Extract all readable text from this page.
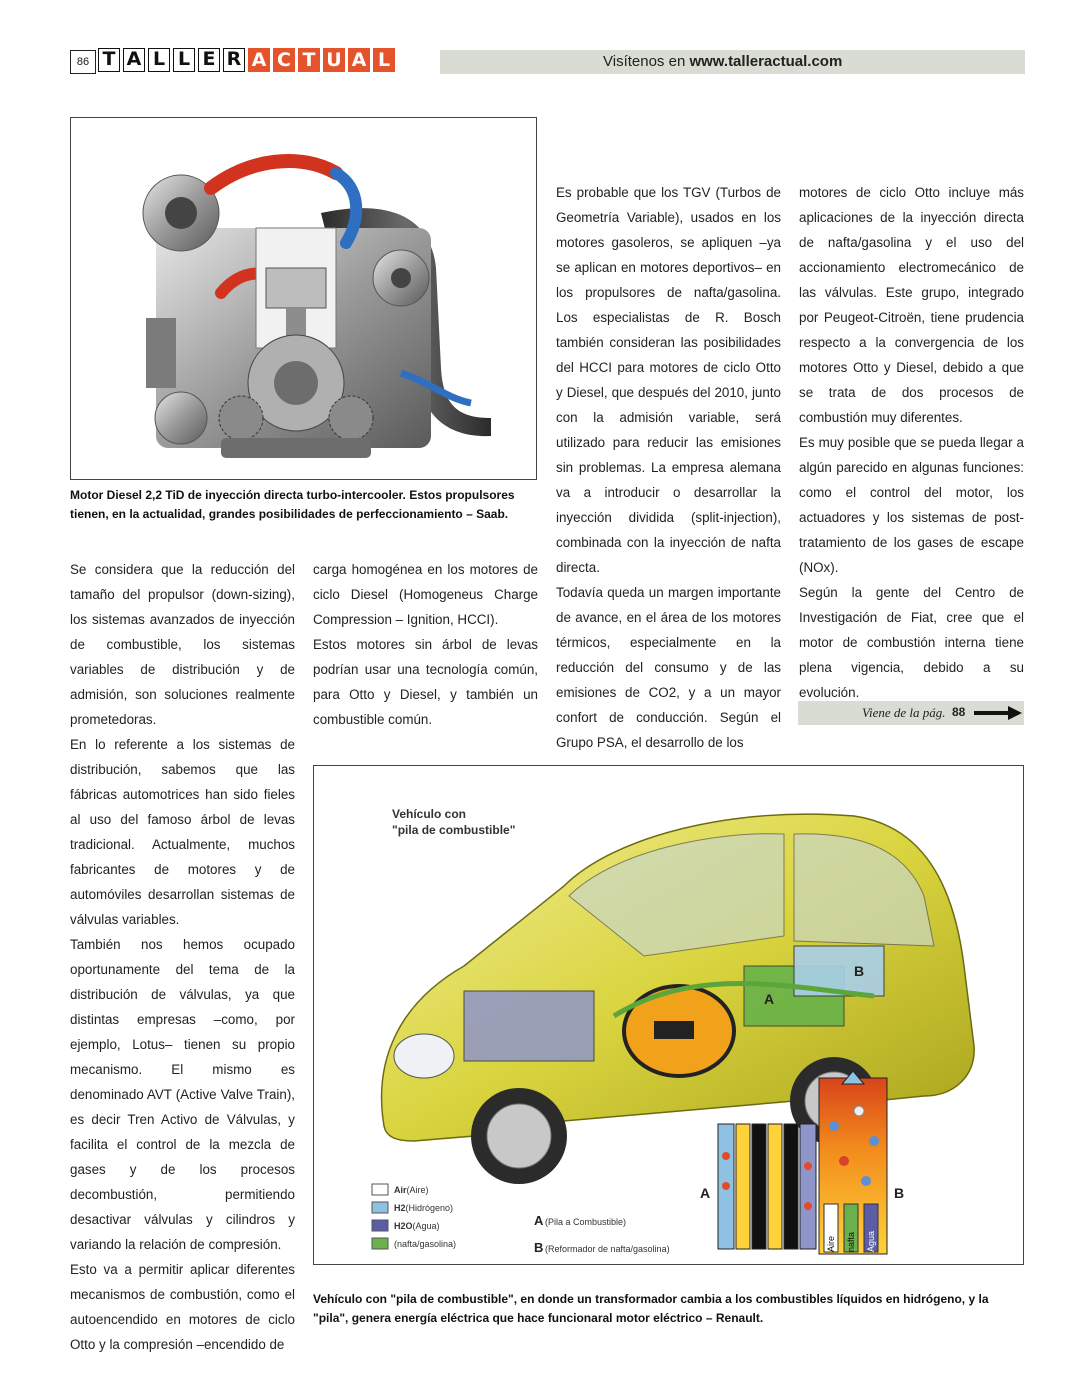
86 T A L L E R A C T U A L	Visítenos en www.talleractual.com
Motor Diesel 2,2 TiD de inyección directa turbo-intercooler. Estos propulsores tienen, en la actualidad, grandes posibilidades de perfeccionamiento – Saab.

Se considera que la reducción del tamaño del propulsor (down-sizing), los sistemas avanzados de inyección de combustible, los sistemas variables de distribución y de admisión, son soluciones realmente prometedoras.

En lo referente a los sistemas de distribución, sabemos que las fábricas automotrices han sido fieles al uso del famoso árbol de levas tradicional. Actualmente, muchos fabricantes de motores y de automóviles desarrollan sistemas de válvulas variables.

También nos hemos ocupado oportunamente del tema de la distribución de válvulas, ya que distintas empresas –como, por ejemplo, Lotus– tienen su propio mecanismo. El mismo es denominado AVT (Active Valve Train), es decir Tren Activo de Válvulas, y facilita el control de la mezcla de gases y de los procesos decombustión, permitiendo desactivar válvulas y cilindros y variando la relación de compresión.

Esto va a permitir aplicar diferentes mecanismos de combustión, como el autoencendido en motores de ciclo Otto y la compresión –encendido de

carga homogénea en los motores de ciclo Diesel (Homogeneus Charge Compression – Ignition, HCCI).

Estos motores sin árbol de levas podrían usar una tecnología común, para Otto y Diesel, y también un combustible común.

Es probable que los TGV (Turbos de Geometría Variable), usados en los motores gasoleros, se apliquen –ya se aplican en motores deportivos– en los propulsores de nafta/gasolina. Los especialistas de R. Bosch también consideran las posibilidades del HCCI para motores de ciclo Otto y Diesel, que después del 2010, junto con la admisión variable, será utilizado para reducir las emisiones sin problemas. La empresa alemana va a introducir o desarrollar la inyección dividida (split-injection), combinada con la inyección de nafta directa.

Todavía queda un margen importante de avance, en el área de los motores térmicos, especialmente en la reducción del consumo y de las emisiones de CO2, y a un mayor confort de conducción. Según el Grupo PSA, el desarrollo de los

motores de ciclo Otto incluye más aplicaciones de la inyección directa de nafta/gasolina y el uso del accionamiento electromecánico de las válvulas. Este grupo, integrado por Peugeot-Citroën, tiene prudencia respecto a la convergencia de los motores Otto y Diesel, debido a que se trata de dos procesos de combustión muy diferentes.

Es muy posible que se pueda llegar a algún parecido en algunas funciones: como el control del motor, los actuadores y los sistemas de post-tratamiento de los gases de escape (NOx).

Según la gente del Centro de Investigación de Fiat, cree que el motor de combustión interna tiene plena vigencia, debido a su evolución.

Viene de la pág. 88
Vehículo con
"pila de combustible"
A
B
Air(Aire)
H2(Hidrógeno)
H2O(Agua)
(nafta/gasolina)
A (Pila a Combustible)
B (Reformador de nafta/gasolina)
A	B
Aire nafta Agua
Vehículo con "pila de combustible", en donde un transformador cambia a los combustibles líquidos en hidrógeno, y la "pila", genera energía eléctrica que hace funcionaral motor eléctrico – Renault.
